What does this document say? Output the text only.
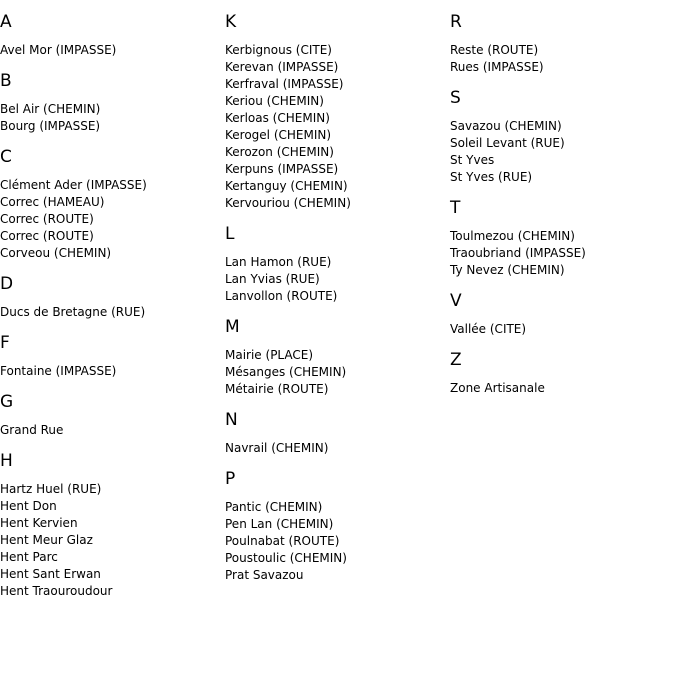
A
Avel Mor (IMPASSE)
B
Bel Air (CHEMIN)
Bourg (IMPASSE)
C
Clément Ader (IMPASSE)
Correc (HAMEAU)
Correc (ROUTE)
Correc (ROUTE)
Corveou (CHEMIN)
D
Ducs de Bretagne (RUE)
F
Fontaine (IMPASSE)
G
Grand Rue
H
Hartz Huel (RUE)
Hent Don
Hent Kervien
Hent Meur Glaz
Hent Parc
Hent Sant Erwan
Hent Traouroudour
K
Kerbignous (CITE)
Kerevan (IMPASSE)
Kerfraval (IMPASSE)
Keriou (CHEMIN)
Kerloas (CHEMIN)
Kerogel (CHEMIN)
Kerozon (CHEMIN)
Kerpuns (IMPASSE)
Kertanguy (CHEMIN)
Kervouriou (CHEMIN)
L
Lan Hamon (RUE)
Lan Yvias (RUE)
Lanvollon (ROUTE)
M
Mairie (PLACE)
Mésanges (CHEMIN)
Métairie (ROUTE)
N
Navrail (CHEMIN)
P
Pantic (CHEMIN)
Pen Lan (CHEMIN)
Poulnabat (ROUTE)
Poustoulic (CHEMIN)
Prat Savazou
R
Reste (ROUTE)
Rues (IMPASSE)
S
Savazou (CHEMIN)
Soleil Levant (RUE)
St Yves
St Yves (RUE)
T
Toulmezou (CHEMIN)
Traoubriand (IMPASSE)
Ty Nevez (CHEMIN)
V
Vallée (CITE)
Z
Zone Artisanale
